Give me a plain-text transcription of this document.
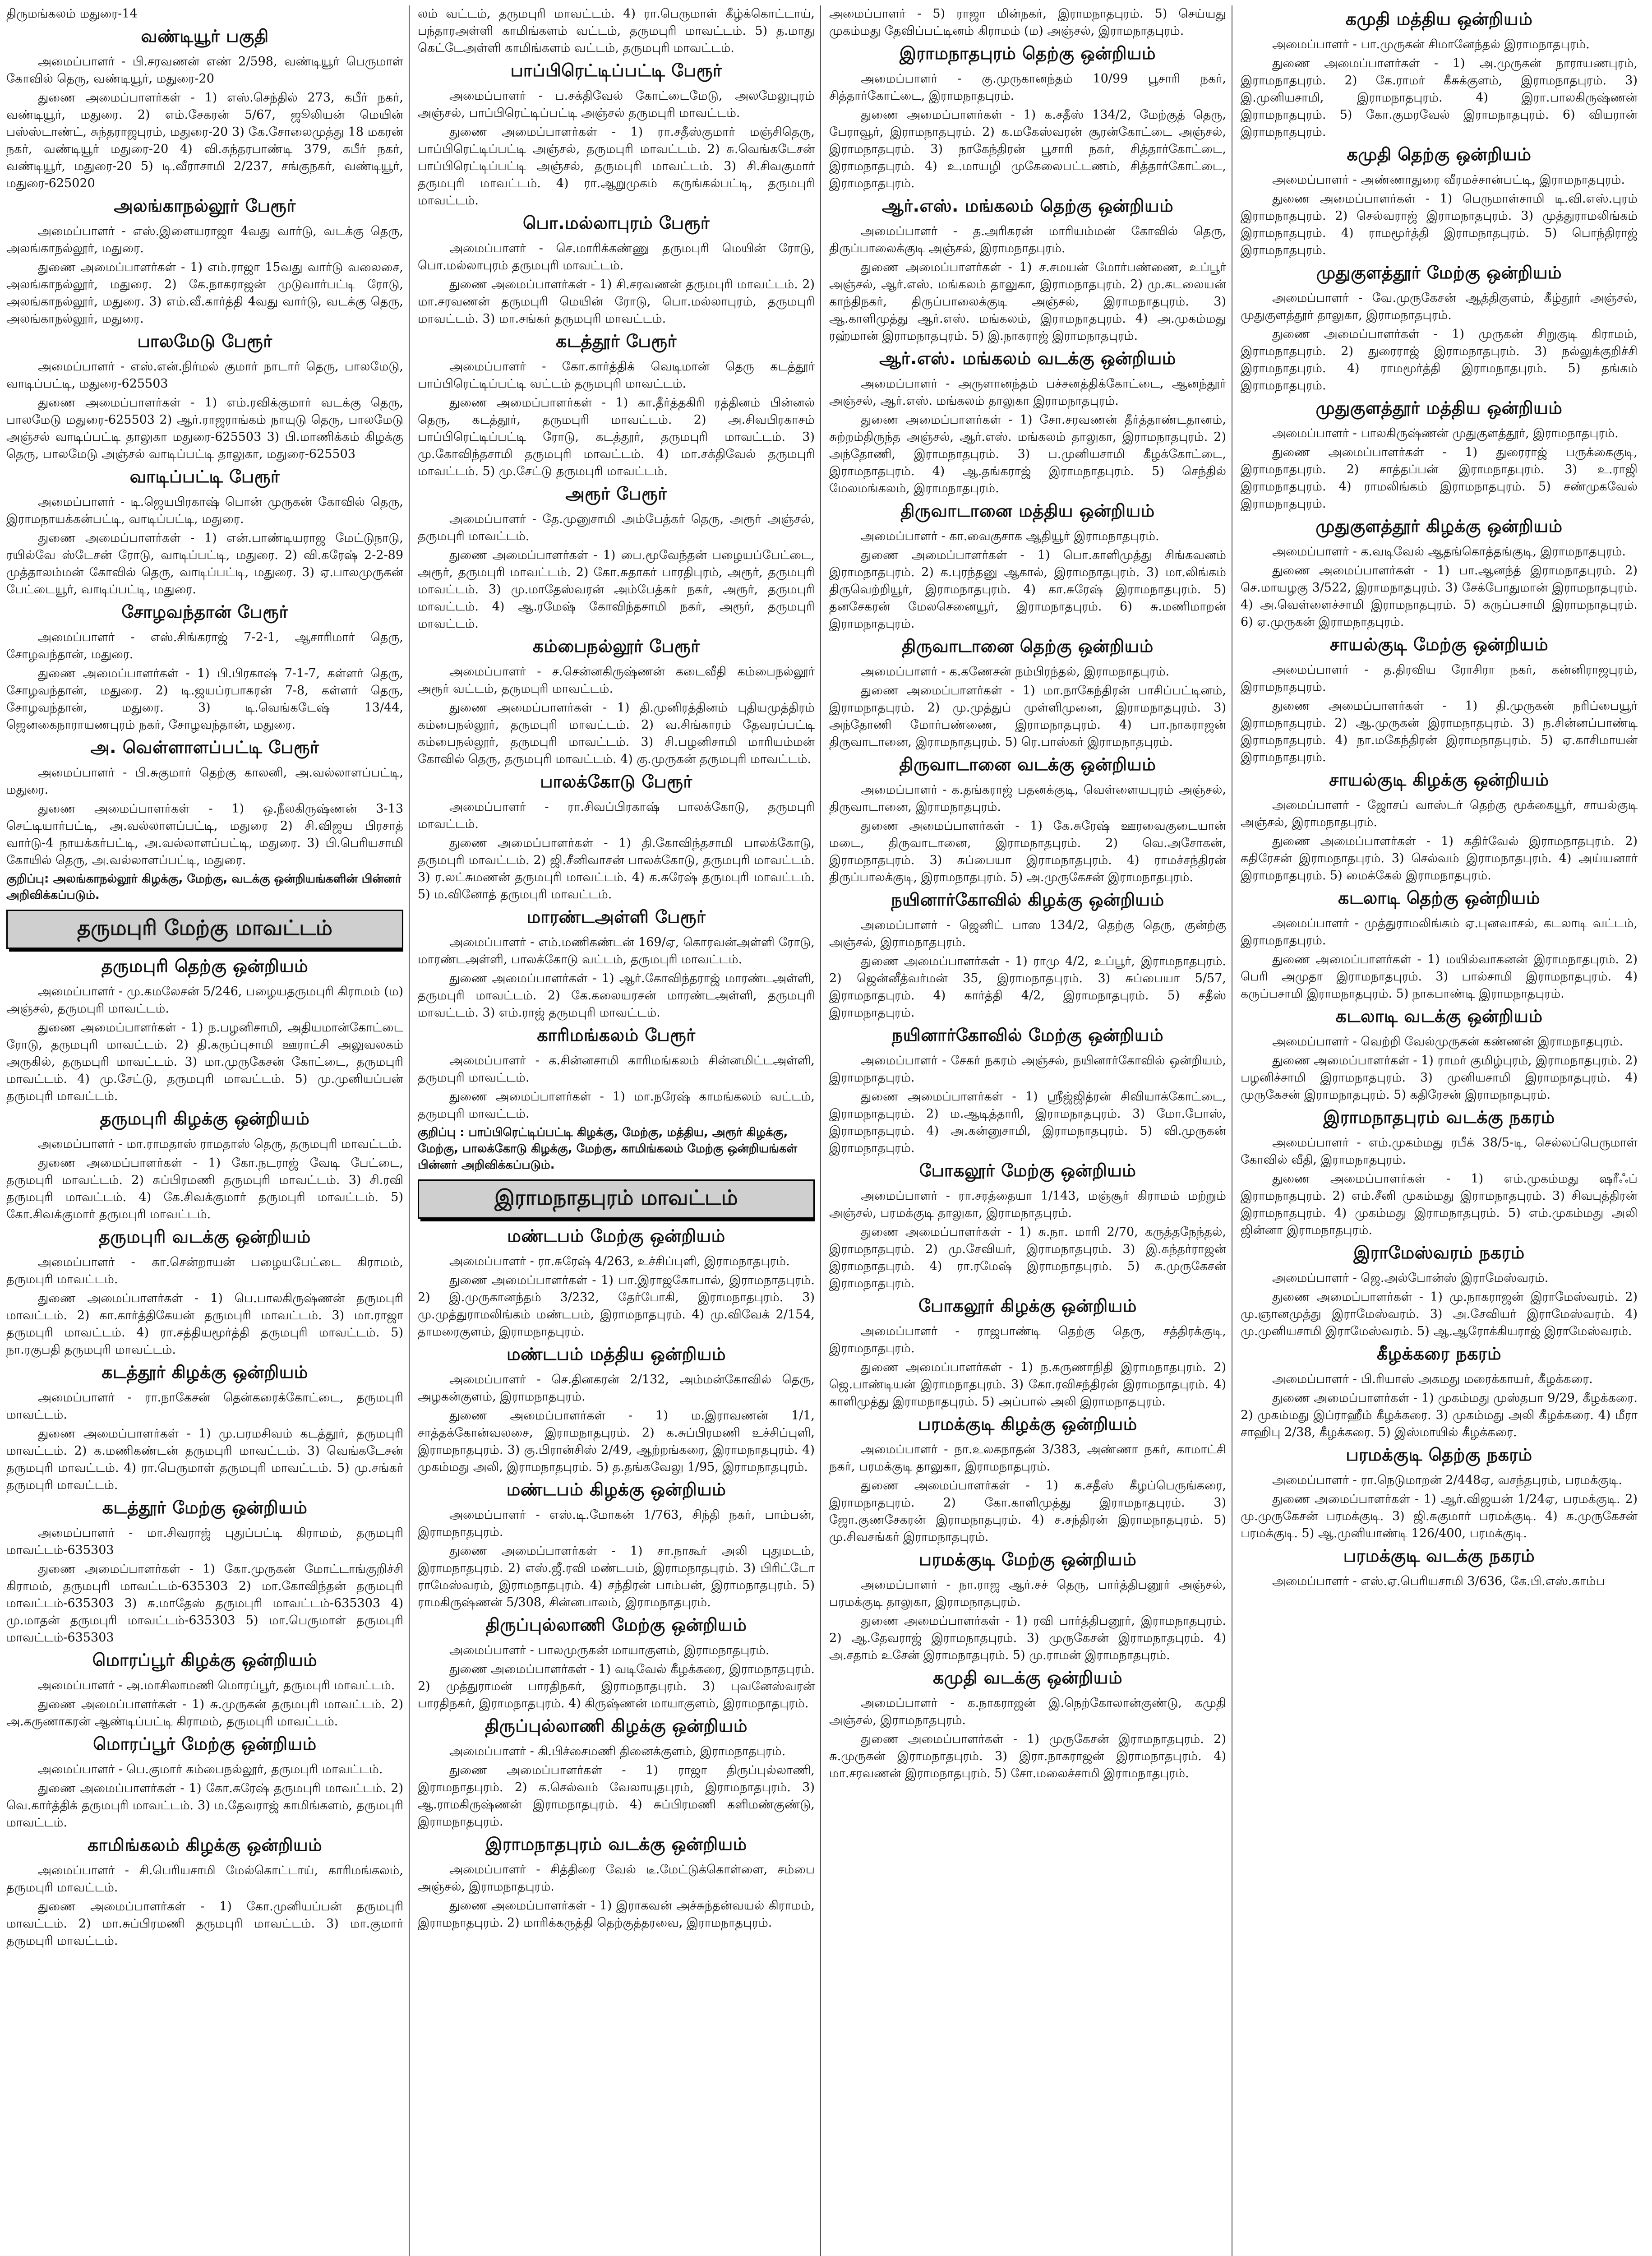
திருமங்கலம் மதுரை-14
வண்டியூர் பகுதி
அமைப்பாளர் - பி.சரவணன் எண் 2/598, வண்டியூர் பெருமாள் கோவில் தெரு, வண்டியூர், மதுரை-20
துணை அமைப்பாளர்கள் - 1) எஸ்.செந்தில் 273, கபீர் நகர், வண்டியூர், மதுரை. 2) எம்.சேகரன் 5/67, ஜூலியன் மெயின் பஸ்ஸ்டாண்ட், சுந்தராஜபுரம், மதுரை-20 3) கே.சோலைமுத்து 18 மகரன் நகர், வண்டியூர் மதுரை-20 4) வி.சுந்தரபாண்டி 379, கபீர் நகர், வண்டியூர், மதுரை-20 5) டி.வீராசாமி 2/237, சங்குநகர், வண்டியூர், மதுரை-625020
அலங்காநல்லூர் பேரூர்
அமைப்பாளர் - எஸ்.இளையராஜா 4வது வார்டு, வடக்கு தெரு, அலங்காநல்லூர், மதுரை.
துணை அமைப்பாளர்கள் - 1) எம்.ராஜா 15வது வார்டு வலைசை, அலங்காநல்லூர், மதுரை. 2) கே.நாகராஜன் முடுவார்பட்டி ரோடு, அலங்காநல்லூர், மதுரை. 3) எம்.வீ.கார்த்தி 4வது வார்டு, வடக்கு தெரு, அலங்காநல்லூர், மதுரை.
பாலமேடு பேரூர்
அமைப்பாளர் - எஸ்.என்.நிர்மல் குமார் நாடார் தெரு, பாலமேடு, வாடிப்பட்டி, மதுரை-625503
துணை அமைப்பாளர்கள் - 1) எம்.ரவிக்குமார் வடக்கு தெரு, பாலமேடு மதுரை-625503 2) ஆர்.ராஜராங்கம் நாயுடு தெரு, பாலமேடு அஞ்சல் வாடிப்பட்டி தாலுகா மதுரை-625503 3) பி.மாணிக்கம் கிழக்கு தெரு, பாலமேடு அஞ்சல் வாடிப்பட்டி தாலுகா, மதுரை-625503
வாடிப்பட்டி பேரூர்
அமைப்பாளர் - டி.ஜெயபிரகாஷ் பொன் முருகன் கோவில் தெரு, இராமநாயக்கன்பட்டி, வாடிப்பட்டி, மதுரை.
துணை அமைப்பாளர்கள் - 1) என்.பாண்டியராஜ மேட்டுநாடு, ரயில்வே ஸ்டேசன் ரோடு, வாடிப்பட்டி, மதுரை. 2) வி.கரேஷ் 2-2-89 முத்தாலம்மன் கோவில் தெரு, வாடிப்பட்டி, மதுரை. 3) ஏ.பாலமுருகன் பேட்டையூர், வாடிப்பட்டி, மதுரை.
சோழவந்தான் பேரூர்
அமைப்பாளர் - எஸ்.சிங்கராஜ் 7-2-1, ஆசாரிமார் தெரு, சோழவந்தான், மதுரை.
துணை அமைப்பாளர்கள் - 1) பி.பிரகாஷ் 7-1-7, கள்ளர் தெரு, சோழவந்தான், மதுரை. 2) டி.ஜயப்ரபாகரன் 7-8, கள்ளர் தெரு, சோழவந்தான், மதுரை. 3) டி.வெங்கடேஷ் 13/44, ஜெனகைநாராயணபுரம் நகர், சோழவந்தான், மதுரை.
அ. வெள்ளாளப்பட்டி பேரூர்
அமைப்பாளர் - பி.சுகுமார் தெற்கு காலனி, அ.வல்லாளப்பட்டி, மதுரை.
துணை அமைப்பாளர்கள் - 1) ஒ.நீலகிருஷ்ணன் 3-13 செட்டியார்பட்டி, அ.வல்லாளப்பட்டி, மதுரை 2) சி.விஜய பிரசாத் வார்டு-4 நாயக்கர்பட்டி, அ.வல்லாளப்பட்டி, மதுரை. 3) பி.பெரியசாமி கோயில் தெரு, அ.வல்லாளப்பட்டி, மதுரை.
குறிப்பு: அலங்காநல்லூர் கிழக்கு, மேற்கு, வடக்கு ஒன்றியங்களின் பின்னர் அறிவிக்கப்படும்.
தருமபுரி மேற்கு மாவட்டம்
தருமபுரி தெற்கு ஒன்றியம்
அமைப்பாளர் - மு.கமலேசன் 5/246, பழையதருமபுரி கிராமம் (ம) அஞ்சல், தருமபுரி மாவட்டம்.
துணை அமைப்பாளர்கள் - 1) ந.பழனிசாமி, அதியமான்கோட்டை ரோடு, தருமபுரி மாவட்டம். 2) தி.கருப்புசாமி ஊராட்சி அலுவலகம் அருகில், தருமபுரி மாவட்டம். 3) மா.முருகேசன் கோட்டை, தருமபுரி மாவட்டம். 4) மு.சேட்டு, தருமபுரி மாவட்டம். 5) மு.முனியப்பன் தருமபுரி மாவட்டம்.
தருமபுரி கிழக்கு ஒன்றியம்
அமைப்பாளர் - மா.ராமதாஸ் ராமதாஸ் தெரு, தருமபுரி மாவட்டம்.
துணை அமைப்பாளர்கள் - 1) கோ.நடராஜ் வேடி பேட்டை, தருமபுரி மாவட்டம். 2) சுப்பிரமணி தருமபுரி மாவட்டம். 3) சி.ரவி தருமபுரி மாவட்டம். 4) கே.சிவக்குமார் தருமபுரி மாவட்டம். 5) கோ.சிவக்குமார் தருமபுரி மாவட்டம்.
தருமபுரி வடக்கு ஒன்றியம்
அமைப்பாளர் - கா.சென்றாயன் பழையபேட்டை கிராமம், தருமபுரி மாவட்டம்.
துணை அமைப்பாளர்கள் - 1) பெ.பாலகிருஷ்ணன் தருமபுரி மாவட்டம். 2) கா.கார்த்திகேயன் தருமபுரி மாவட்டம். 3) மா.ராஜா தருமபுரி மாவட்டம். 4) ரா.சத்தியமூர்த்தி தருமபுரி மாவட்டம். 5) நா.ரகுபதி தருமபுரி மாவட்டம்.
கடத்தூர் கிழக்கு ஒன்றியம்
அமைப்பாளர் - ரா.நாகேசன் தென்கரைக்கோட்டை, தருமபுரி மாவட்டம்.
துணை அமைப்பாளர்கள் - 1) மு.பரமசிவம் கடத்தூர், தருமபுரி மாவட்டம். 2) க.மணிகண்டன் தருமபுரி மாவட்டம். 3) வெங்கடேசன் தருமபுரி மாவட்டம். 4) ரா.பெருமாள் தருமபுரி மாவட்டம். 5) மு.சங்கர் தருமபுரி மாவட்டம்.
கடத்தூர் மேற்கு ஒன்றியம்
அமைப்பாளர் - மா.சிவராஜ் புதுப்பட்டி கிராமம், தருமபுரி மாவட்டம்-635303
துணை அமைப்பாளர்கள் - 1) கோ.முருகன் மோட்டாங்குறிச்சி கிராமம், தருமபுரி மாவட்டம்-635303 2) மா.கோவிந்தன் தருமபுரி மாவட்டம்-635303 3) சு.மாதேஸ் தருமபுரி மாவட்டம்-635303 4) மு.மாதன் தருமபுரி மாவட்டம்-635303 5) மா.பெருமாள் தருமபுரி மாவட்டம்-635303
மொரப்பூர் கிழக்கு ஒன்றியம்
அமைப்பாளர் - அ.மாசிலாமணி மொரப்பூர், தருமபுரி மாவட்டம்.
துணை அமைப்பாளர்கள் - 1) சு.முருகன் தருமபுரி மாவட்டம். 2) அ.கருணாகரன் ஆண்டிப்பட்டி கிராமம், தருமபுரி மாவட்டம்.
மொரப்பூர் மேற்கு ஒன்றியம்
அமைப்பாளர் - பெ.குமார் கம்பைநல்லூர், தருமபுரி மாவட்டம்.
துணை அமைப்பாளர்கள் - 1) கோ.சுரேஷ் தருமபுரி மாவட்டம். 2) வெ.கார்த்திக் தருமபுரி மாவட்டம். 3) ம.தேவராஜ் காமிங்களம், தருமபுரி மாவட்டம்.
காமிங்கலம் கிழக்கு ஒன்றியம்
அமைப்பாளர் - சி.பெரியசாமி மேல்கொட்டாய், காரிமங்கலம், தருமபுரி மாவட்டம்.
துணை அமைப்பாளர்கள் - 1) கோ.முனியப்பன் தருமபுரி மாவட்டம். 2) மா.சுப்பிரமணி தருமபுரி மாவட்டம். 3) மா.குமார் தருமபுரி மாவட்டம்.
லம் வட்டம், தருமபுரி மாவட்டம். 4) ரா.பெருமாள் கீழ்க்கொட்டாய், பந்தாரஅள்ளி காமிங்களம் வட்டம், தருமபுரி மாவட்டம். 5) த.மாது கெட்டேஅள்ளி காமிங்களம் வட்டம், தருமபுரி மாவட்டம்.
பாப்பிரெட்டிப்பட்டி பேரூர்
அமைப்பாளர் - ப.சக்திவேல் கோட்டைமேடு, அலமேலுபுரம் அஞ்சல், பாப்பிரெட்டிப்பட்டி அஞ்சல் தருமபுரி மாவட்டம்.
துணை அமைப்பாளர்கள் - 1) ரா.சதீஸ்குமார் மஞ்சிதெரு, பாப்பிரெட்டிப்பட்டி அஞ்சல், தருமபுரி மாவட்டம். 2) சு.வெங்கடேசன் பாப்பிரெட்டிப்பட்டி அஞ்சல், தருமபுரி மாவட்டம். 3) சி.சிவகுமார் தருமபுரி மாவட்டம். 4) ரா.ஆறுமுகம் கருங்கல்பட்டி, தருமபுரி மாவட்டம்.
பொ.மல்லாபுரம் பேரூர்
அமைப்பாளர் - செ.மாரிக்கண்ணு தருமபுரி மெயின் ரோடு, பொ.மல்லாபுரம் தருமபுரி மாவட்டம்.
துணை அமைப்பாளர்கள் - 1) சி.சரவணன் தருமபுரி மாவட்டம். 2) மா.சரவணன் தருமபுரி மெயின் ரோடு, பொ.மல்லாபுரம், தருமபுரி மாவட்டம். 3) மா.சங்கர் தருமபுரி மாவட்டம்.
கடத்தூர் பேரூர்
அமைப்பாளர் - கோ.கார்த்திக் வெடிமான் தெரு கடத்தூர் பாப்பிரெட்டிப்பட்டி வட்டம் தருமபுரி மாவட்டம்.
துணை அமைப்பாளர்கள் - 1) கா.தீர்த்தகிரி ரத்தினம் பின்னல் தெரு, கடத்தூர், தருமபுரி மாவட்டம். 2) அ.சிவபிரகாசம் பாப்பிரெட்டிப்பட்டி ரோடு, கடத்தூர், தருமபுரி மாவட்டம். 3) மு.கோவிந்தசாமி தருமபுரி மாவட்டம். 4) மா.சக்திவேல் தருமபுரி மாவட்டம். 5) மு.சேட்டு தருமபுரி மாவட்டம்.
அரூர் பேரூர்
அமைப்பாளர் - தே.முனுசாமி அம்பேத்கர் தெரு, அரூர் அஞ்சல், தருமபுரி மாவட்டம்.
துணை அமைப்பாளர்கள் - 1) பை.மூவேந்தன் பழையப்பேட்டை, அரூர், தருமபுரி மாவட்டம். 2) கோ.சுதாகர் பாரதிபுரம், அரூர், தருமபுரி மாவட்டம். 3) மு.மாதேஸ்வரன் அம்பேத்கர் நகர், அரூர், தருமபுரி மாவட்டம். 4) ஆ.ரமேஷ் கோவிந்தசாமி நகர், அரூர், தருமபுரி மாவட்டம்.
கம்பைநல்லூர் பேரூர்
அமைப்பாளர் - ச.சென்னகிருஷ்ணன் கடைவீதி கம்பைநல்லூர் அரூர் வட்டம், தருமபுரி மாவட்டம்.
துணை அமைப்பாளர்கள் - 1) தி.முனிரத்தினம் புதியமுத்திரம் கம்பைநல்லூர், தருமபுரி மாவட்டம். 2) வ.சிங்காரம் தேவரப்பட்டி கம்பைநல்லூர், தருமபுரி மாவட்டம். 3) சி.பழனிசாமி மாரியம்மன் கோவில் தெரு, தருமபுரி மாவட்டம். 4) கு.முருகன் தருமபுரி மாவட்டம்.
பாலக்கோடு பேரூர்
அமைப்பாளர் - ரா.சிவப்பிரகாஷ் பாலக்கோடு, தருமபுரி மாவட்டம்.
துணை அமைப்பாளர்கள் - 1) தி.கோவிந்தசாமி பாலக்கோடு, தருமபுரி மாவட்டம். 2) ஜி.சீனிவாசன் பாலக்கோடு, தருமபுரி மாவட்டம். 3) ர.லட்சுமணன் தருமபுரி மாவட்டம். 4) க.சுரேஷ் தருமபுரி மாவட்டம். 5) ம.வினோத் தருமபுரி மாவட்டம்.
மாரண்டஅள்ளி பேரூர்
அமைப்பாளர் - எம்.மணிகண்டன் 169/ஏ, கொரவன்அள்ளி ரோடு, மாரண்டஅள்ளி, பாலக்கோடு வட்டம், தருமபுரி மாவட்டம்.
துணை அமைப்பாளர்கள் - 1) ஆர்.கோவிந்தராஜ் மாரண்டஅள்ளி, தருமபுரி மாவட்டம். 2) கே.கலையரசன் மாரண்டஅள்ளி, தருமபுரி மாவட்டம். 3) எம்.ராஜ் தருமபுரி மாவட்டம்.
காரிமங்கலம் பேரூர்
அமைப்பாளர் - க.சின்னசாமி காரிமங்கலம் சின்னமிட்டஅள்ளி, தருமபுரி மாவட்டம்.
துணை அமைப்பாளர்கள் - 1) மா.நரேஷ் காமங்கலம் வட்டம், தருமபுரி மாவட்டம்.
குறிப்பு : பாப்பிரெட்டிப்பட்டி கிழக்கு, மேற்கு, மத்திய, அரூர் கிழக்கு, மேற்கு, பாலக்கோடு கிழக்கு, மேற்கு, காமிங்கலம் மேற்கு ஒன்றியங்கள் பின்னர் அறிவிக்கப்படும்.
இராமநாதபுரம் மாவட்டம்
மண்டபம் மேற்கு ஒன்றியம்
அமைப்பாளர் - ரா.சுரேஷ் 4/263, உச்சிப்புளி, இராமநாதபுரம்.
துணை அமைப்பாளர்கள் - 1) பா.இராஜகோபால், இராமநாதபுரம். 2) இ.முருகானந்தம் 3/232, தேர்போகி, இராமநாதபுரம். 3) மு.முத்துராமலிங்கம் மண்டபம், இராமநாதபுரம். 4) மு.விவேக் 2/154, தாமரைகுளம், இராமநாதபுரம்.
மண்டபம் மத்திய ஒன்றியம்
அமைப்பாளர் - செ.தினகரன் 2/132, அம்மன்கோவில் தெரு, அழகன்குளம், இராமநாதபுரம்.
துணை அமைப்பாளர்கள் - 1) ம.இராவணன் 1/1, சாத்தக்கோன்வலசை, இராமநாதபுரம். 2) க.சுப்பிரமணி உச்சிப்புளி, இராமநாதபுரம். 3) கு.பிரான்சிஸ் 2/49, ஆற்றங்கரை, இராமநாதபுரம். 4) முகம்மது அலி, இராமநாதபுரம். 5) த.தங்கவேலு 1/95, இராமநாதபுரம்.
மண்டபம் கிழக்கு ஒன்றியம்
அமைப்பாளர் - எஸ்.டி.மோகன் 1/763, சிந்தி நகர், பாம்பன், இராமநாதபுரம்.
துணை அமைப்பாளர்கள் - 1) சா.நாகூர் அலி புதுமடம், இராமநாதபுரம். 2) எஸ்.ஜீ.ரவி மண்டபம், இராமநாதபுரம். 3) பிரிட்டோ ராமேஸ்வரம், இராமநாதபுரம். 4) சந்திரன் பாம்பன், இராமநாதபுரம். 5) ராமகிருஷ்ணன் 5/308, சின்னபாலம், இராமநாதபுரம்.
திருப்புல்லாணி மேற்கு ஒன்றியம்
அமைப்பாளர் - பாலமுருகன் மாயாகுளம், இராமநாதபுரம்.
துணை அமைப்பாளர்கள் - 1) வடிவேல் கீழக்கரை, இராமநாதபுரம். 2) முத்துராமன் பாரதிநகர், இராமநாதபுரம். 3) புவனேஸ்வரன் பாரதிநகர், இராமநாதபுரம். 4) கிருஷ்ணன் மாயாகுளம், இராமநாதபுரம்.
திருப்புல்லாணி கிழக்கு ஒன்றியம்
அமைப்பாளர் - கி.பிச்சைமணி தினைக்குளம், இராமநாதபுரம்.
துணை அமைப்பாளர்கள் - 1) ராஜா திருப்புல்லாணி, இராமநாதபுரம். 2) க.செல்வம் வேலாயுதபுரம், இராமநாதபுரம். 3) ஆ.ராமகிருஷ்ணன் இராமநாதபுரம். 4) சுப்பிரமணி களிமண்குண்டு, இராமநாதபுரம்.
இராமநாதபுரம் வடக்கு ஒன்றியம்
அமைப்பாளர் - சித்திரை வேல் டீ.மேட்டுக்கொள்ளை, சம்பை அஞ்சல், இராமநாதபுரம்.
துணை அமைப்பாளர்கள் - 1) இராகவன் அச்சுந்தன்வயல் கிராமம், இராமநாதபுரம். 2) மாரிக்கருத்தி தெற்குத்தரவை, இராமநாதபுரம்.
அமைப்பாளர் - 5) ராஜா மின்நகர், இராமநாதபுரம். 5) செய்யது முகம்மது தேவிப்பட்டினம் கிராமம் (ம) அஞ்சல், இராமநாதபுரம்.
இராமநாதபுரம் தெற்கு ஒன்றியம்
அமைப்பாளர் - கு.முருகானந்தம் 10/99 பூசாரி நகர், சித்தார்கோட்டை, இராமநாதபுரம்.
துணை அமைப்பாளர்கள் - 1) க.சதீஸ் 134/2, மேற்குத் தெரு, பேராவூர், இராமநாதபுரம். 2) க.மகேஸ்வரன் சூரன்கோட்டை அஞ்சல், இராமநாதபுரம். 3) நாகேந்திரன் பூசாரி நகர், சித்தார்கோட்டை, இராமநாதபுரம். 4) உ.மாயழி முகேலைபட்டணம், சித்தார்கோட்டை, இராமநாதபுரம்.
ஆர்.எஸ். மங்கலம் தெற்கு ஒன்றியம்
அமைப்பாளர் - த.அரிகரன் மாரியம்மன் கோவில் தெரு, திருப்பாலைக்குடி அஞ்சல், இராமநாதபுரம்.
துணை அமைப்பாளர்கள் - 1) ச.சமயன் மோர்பண்ணை, உப்பூர் அஞ்சல், ஆர்.எஸ். மங்கலம் தாலுகா, இராமநாதபுரம். 2) மு.கடலையன் காந்திநகர், திருப்பாலைக்குடி அஞ்சல், இராமநாதபுரம். 3) ஆ.காளிமுத்து ஆர்.எஸ். மங்கலம், இராமநாதபுரம். 4) அ.முகம்மது ரஹ்மான் இராமநாதபுரம். 5) இ.நாகராஜ் இராமநாதபுரம்.
ஆர்.எஸ். மங்கலம் வடக்கு ஒன்றியம்
அமைப்பாளர் - அருளானந்தம் பச்சனத்திக்கோட்டை, ஆனந்தூர் அஞ்சல், ஆர்.எஸ். மங்கலம் தாலுகா இராமநாதபுரம்.
துணை அமைப்பாளர்கள் - 1) சோ.சரவணன் தீர்த்தாண்டதானம், சுற்றம்திருந்த அஞ்சல், ஆர்.எஸ். மங்கலம் தாலுகா, இராமநாதபுரம். 2) அந்தோணி, இராமநாதபுரம். 3) ப.முனியசாமி கீழக்கோட்டை, இராமநாதபுரம். 4) ஆ.தங்கராஜ் இராமநாதபுரம். 5) செந்தில் மேலமங்கலம், இராமநாதபுரம்.
திருவாடானை மத்திய ஒன்றியம்
அமைப்பாளர் - கா.வைகுசாக ஆதியூர் இராமநாதபுரம்.
துணை அமைப்பாளர்கள் - 1) பொ.காளிமுத்து சிங்கவனம் இராமநாதபுரம். 2) க.புரந்தனு ஆகால், இராமநாதபுரம். 3) மா.லிங்கம் திருவெற்றியூர், இராமநாதபுரம். 4) கா.சுரேஷ் இராமநாதபுரம். 5) தனசேகரன் மேலசெனையூர், இராமநாதபுரம். 6) சு.மணிமாறன் இராமநாதபுரம்.
திருவாடானை தெற்கு ஒன்றியம்
அமைப்பாளர் - க.கணேசன் நம்பிரந்தல், இராமநாதபுரம்.
துணை அமைப்பாளர்கள் - 1) மா.நாகேந்திரன் பாசிப்பட்டினம், இராமநாதபுரம். 2) மு.முத்துப் முள்ளிமுனை, இராமநாதபுரம். 3) அந்தோணி மோர்பண்ணை, இராமநாதபுரம். 4) பா.நாகராஜன் திருவாடானை, இராமநாதபுரம். 5) ரெ.பாஸ்கர் இராமநாதபுரம்.
திருவாடானை வடக்கு ஒன்றியம்
அமைப்பாளர் - க.தங்கராஜ் பதனக்குடி, வெள்ளையபுரம் அஞ்சல், திருவாடானை, இராமநாதபுரம்.
துணை அமைப்பாளர்கள் - 1) கே.சுரேஷ் ஊரவைகுடையான் மடை, திருவாடானை, இராமநாதபுரம். 2) வெ.அசோகன், இராமநாதபுரம். 3) சுப்பையா இராமநாதபுரம். 4) ராமச்சந்திரன் திருப்பாலக்குடி, இராமநாதபுரம். 5) அ.முருகேசன் இராமநாதபுரம்.
நயினார்கோவில் கிழக்கு ஒன்றியம்
அமைப்பாளர் - ஜெனிட் பாஸ 134/2, தெற்கு தெரு, குன்ற்கு அஞ்சல், இராமநாதபுரம்.
துணை அமைப்பாளர்கள் - 1) ராமு 4/2, உப்பூர், இராமநாதபுரம். 2) ஜென்னீத்வர்மன் 35, இராமநாதபுரம். 3) சுப்பையா 5/57, இராமநாதபுரம். 4) கார்த்தி 4/2, இராமநாதபுரம். 5) சதீஸ் இராமநாதபுரம்.
நயினார்கோவில் மேற்கு ஒன்றியம்
அமைப்பாளர் - சேகர் நகரம் அஞ்சல், நயினார்கோவில் ஒன்றியம், இராமநாதபுரம்.
துணை அமைப்பாளர்கள் - 1) ஸ்ரீஜ்ஜித்ரன் சிவியாக்கோட்டை, இராமநாதபுரம். 2) ம.ஆடித்தாரி, இராமநாதபுரம். 3) மோ.போஸ், இராமநாதபுரம். 4) அ.கன்னுசாமி, இராமநாதபுரம். 5) வி.முருகன் இராமநாதபுரம்.
போகலூர் மேற்கு ஒன்றியம்
அமைப்பாளர் - ரா.சரத்தையா 1/143, மஞ்சூர் கிராமம் மற்றும் அஞ்சல், பரமக்குடி தாலுகா, இராமநாதபுரம்.
துணை அமைப்பாளர்கள் - 1) சு.நா. மாரி 2/70, கருத்தநேந்தல், இராமநாதபுரம். 2) மு.சேவியர், இராமநாதபுரம். 3) இ.சுந்தர்ராஜன் இராமநாதபுரம். 4) ரா.ரமேஷ் இராமநாதபுரம். 5) க.முருகேசன் இராமநாதபுரம்.
போகலூர் கிழக்கு ஒன்றியம்
அமைப்பாளர் - ராஜபாண்டி தெற்கு தெரு, சத்திரக்குடி, இராமநாதபுரம்.
துணை அமைப்பாளர்கள் - 1) ந.கருணாநிதி இராமநாதபுரம். 2) ஜெ.பாண்டியன் இராமநாதபுரம். 3) கோ.ரவிசந்திரன் இராமநாதபுரம். 4) காளிமுத்து இராமநாதபுரம். 5) அப்பால் அலி இராமநாதபுரம்.
பரமக்குடி கிழக்கு ஒன்றியம்
அமைப்பாளர் - நா.உலகநாதன் 3/383, அண்ணா நகர், காமாட்சி நகர், பரமக்குடி தாலுகா, இராமநாதபுரம்.
துணை அமைப்பாளர்கள் - 1) க.சதீஸ் கீழப்பெருங்கரை, இராமநாதபுரம். 2) கோ.காளிமுத்து இராமநாதபுரம். 3) ஜோ.குணசேகரன் இராமநாதபுரம். 4) ச.சந்திரன் இராமநாதபுரம். 5) மு.சிவசங்கர் இராமநாதபுரம்.
பரமக்குடி மேற்கு ஒன்றியம்
அமைப்பாளர் - நா.ராஜ ஆர்.சச் தெரு, பார்த்திபனூர் அஞ்சல், பரமக்குடி தாலுகா, இராமநாதபுரம்.
துணை அமைப்பாளர்கள் - 1) ரவி பார்த்திபனூர், இராமநாதபுரம். 2) ஆ.தேவராஜ் இராமநாதபுரம். 3) முருகேசன் இராமநாதபுரம். 4) அ.சதாம் உசேன் இராமநாதபுரம். 5) மு.ராமன் இராமநாதபுரம்.
கமுதி வடக்கு ஒன்றியம்
அமைப்பாளர் - க.நாகராஜன் இ.நெற்கோலான்குண்டு, கமுதி அஞ்சல், இராமநாதபுரம்.
துணை அமைப்பாளர்கள் - 1) முருகேசன் இராமநாதபுரம். 2) சு.முருகன் இராமநாதபுரம். 3) இரா.நாகராஜன் இராமநாதபுரம். 4) மா.சரவணன் இராமநாதபுரம். 5) சோ.மலைச்சாமி இராமநாதபுரம்.
கமுதி மத்திய ஒன்றியம்
அமைப்பாளர் - பா.முருகன் சிமானேந்தல் இராமநாதபுரம்.
துணை அமைப்பாளர்கள் - 1) அ.முருகன் நாராயணபுரம், இராமநாதபுரம். 2) கே.ராமர் கீசுக்குளம், இராமநாதபுரம். 3) இ.முனியசாமி, இராமநாதபுரம். 4) இரா.பாலகிருஷ்ணன் இராமநாதபுரம். 5) கோ.குமரவேல் இராமநாதபுரம். 6) வியரான் இராமநாதபுரம்.
கமுதி தெற்கு ஒன்றியம்
அமைப்பாளர் - அண்ணாதுரை வீரமச்சான்பட்டி, இராமநாதபுரம்.
துணை அமைப்பாளர்கள் - 1) பெருமாள்சாமி டி.வி.எஸ்.புரம் இராமநாதபுரம். 2) செல்வராஜ் இராமநாதபுரம். 3) முத்துராமலிங்கம் இராமநாதபுரம். 4) ராமமூர்த்தி இராமநாதபுரம். 5) பொந்திராஜ் இராமநாதபுரம்.
முதுகுளத்தூர் மேற்கு ஒன்றியம்
அமைப்பாளர் - வே.முருகேசன் ஆத்திகுளம், கீழ்தூர் அஞ்சல், முதுகுளத்தூர் தாலுகா, இராமநாதபுரம்.
துணை அமைப்பாளர்கள் - 1) முருகன் சிறுகுடி கிராமம், இராமநாதபுரம். 2) துரைராஜ் இராமநாதபுரம். 3) நல்லுக்குறிச்சி இராமநாதபுரம். 4) ராமமூர்த்தி இராமநாதபுரம். 5) தங்கம் இராமநாதபுரம்.
முதுகுளத்தூர் மத்திய ஒன்றியம்
அமைப்பாளர் - பாலகிருஷ்ணன் முதுகுளத்தூர், இராமநாதபுரம்.
துணை அமைப்பாளர்கள் - 1) துரைராஜ் பருக்கைகுடி, இராமநாதபுரம். 2) சாத்தப்பன் இராமநாதபுரம். 3) உ.ராஜி இராமநாதபுரம். 4) ராமலிங்கம் இராமநாதபுரம். 5) சண்முகவேல் இராமநாதபுரம்.
முதுகுளத்தூர் கிழக்கு ஒன்றியம்
அமைப்பாளர் - க.வடிவேல் ஆதங்கொத்தங்குடி, இராமநாதபுரம்.
துணை அமைப்பாளர்கள் - 1) பா.ஆனந்த் இராமநாதபுரம். 2) செ.மாயழகு 3/522, இராமநாதபுரம். 3) சேக்போதுமான் இராமநாதபுரம். 4) அ.வெள்ளைச்சாமி இராமநாதபுரம். 5) கருப்பசாமி இராமநாதபுரம். 6) ஏ.முருகன் இராமநாதபுரம்.
சாயல்குடி மேற்கு ஒன்றியம்
அமைப்பாளர் - த.திரவிய ரோசிரா நகர், கன்னிராஜபுரம், இராமநாதபுரம்.
துணை அமைப்பாளர்கள் - 1) தி.முருகன் நரிப்பையூர் இராமநாதபுரம். 2) ஆ.முருகன் இராமநாதபுரம். 3) ந.சின்னப்பாண்டி இராமநாதபுரம். 4) நா.மகேந்திரன் இராமநாதபுரம். 5) ஏ.காசிமாயன் இராமநாதபுரம்.
சாயல்குடி கிழக்கு ஒன்றியம்
அமைப்பாளர் - ஜோசப் வாஸ்டர் தெற்கு மூக்கையூர், சாயல்குடி அஞ்சல், இராமநாதபுரம்.
துணை அமைப்பாளர்கள் - 1) கதிர்வேல் இராமநாதபுரம். 2) கதிரேசன் இராமநாதபுரம். 3) செல்வம் இராமநாதபுரம். 4) அய்யனார் இராமநாதபுரம். 5) மைக்கேல் இராமநாதபுரம்.
கடலாடி தெற்கு ஒன்றியம்
அமைப்பாளர் - முத்துராமலிங்கம் ஏ.புனவாசல், கடலாடி வட்டம், இராமநாதபுரம்.
துணை அமைப்பாளர்கள் - 1) மயில்வாகனன் இராமநாதபுரம். 2) பெரி அமுதா இராமநாதபுரம். 3) பால்சாமி இராமநாதபுரம். 4) கருப்பசாமி இராமநாதபுரம். 5) நாகபாண்டி இராமநாதபுரம்.
கடலாடி வடக்கு ஒன்றியம்
அமைப்பாளர் - வெற்றி வேல்முருகன் கண்ணன் இராமநாதபுரம்.
துணை அமைப்பாளர்கள் - 1) ராமர் குமிழ்புரம், இராமநாதபுரம். 2) பழனிச்சாமி இராமநாதபுரம். 3) முனியசாமி இராமநாதபுரம். 4) முருகேசன் இராமநாதபுரம். 5) கதிரேசன் இராமநாதபுரம்.
இராமநாதபுரம் வடக்கு நகரம்
அமைப்பாளர் - எம்.முகம்மது ரபீக் 38/5-டி, செல்லப்பெருமாள் கோவில் வீதி, இராமநாதபுரம்.
துணை அமைப்பாளர்கள் - 1) எம்.முகம்மது ஷரீஃப் இராமநாதபுரம். 2) எம்.சீனி முகம்மது இராமநாதபுரம். 3) சிவபுத்திரன் இராமநாதபுரம். 4) முகம்மது இராமநாதபுரம். 5) எம்.முகம்மது அலி ஜின்னா இராமநாதபுரம்.
இராமேஸ்வரம் நகரம்
அமைப்பாளர் - ஜெ.அல்போன்ஸ் இராமேஸ்வரம்.
துணை அமைப்பாளர்கள் - 1) மு.நாகராஜன் இராமேஸ்வரம். 2) மு.ஞானமுத்து இராமேஸ்வரம். 3) அ.சேவியர் இராமேஸ்வரம். 4) மு.முனியசாமி இராமேஸ்வரம். 5) ஆ.ஆரோக்கியராஜ் இராமேஸ்வரம்.
கீழக்கரை நகரம்
அமைப்பாளர் - பி.ரியாஸ் அகமது மரைக்காயர், கீழக்கரை.
துணை அமைப்பாளர்கள் - 1) முகம்மது முஸ்தபா 9/29, கீழக்கரை. 2) முகம்மது இப்ராஹீம் கீழக்கரை. 3) முகம்மது அலி கீழக்கரை. 4) மீரா சாஹிபு 2/38, கீழக்கரை. 5) இஸ்மாயில் கீழக்கரை.
பரமக்குடி தெற்கு நகரம்
அமைப்பாளர் - ரா.நெடுமாறன் 2/448ஏ, வசந்தபுரம், பரமக்குடி.
துணை அமைப்பாளர்கள் - 1) ஆர்.விஜயன் 1/24ஏ, பரமக்குடி. 2) மு.முருகேசன் பரமக்குடி. 3) ஜி.சுகுமார் பரமக்குடி. 4) க.முருகேசன் பரமக்குடி. 5) ஆ.முனியாண்டி 126/400, பரமக்குடி.
பரமக்குடி வடக்கு நகரம்
அமைப்பாளர் - எஸ்.ஏ.பெரியசாமி 3/636, கே.பி.எஸ்.காம்ப
